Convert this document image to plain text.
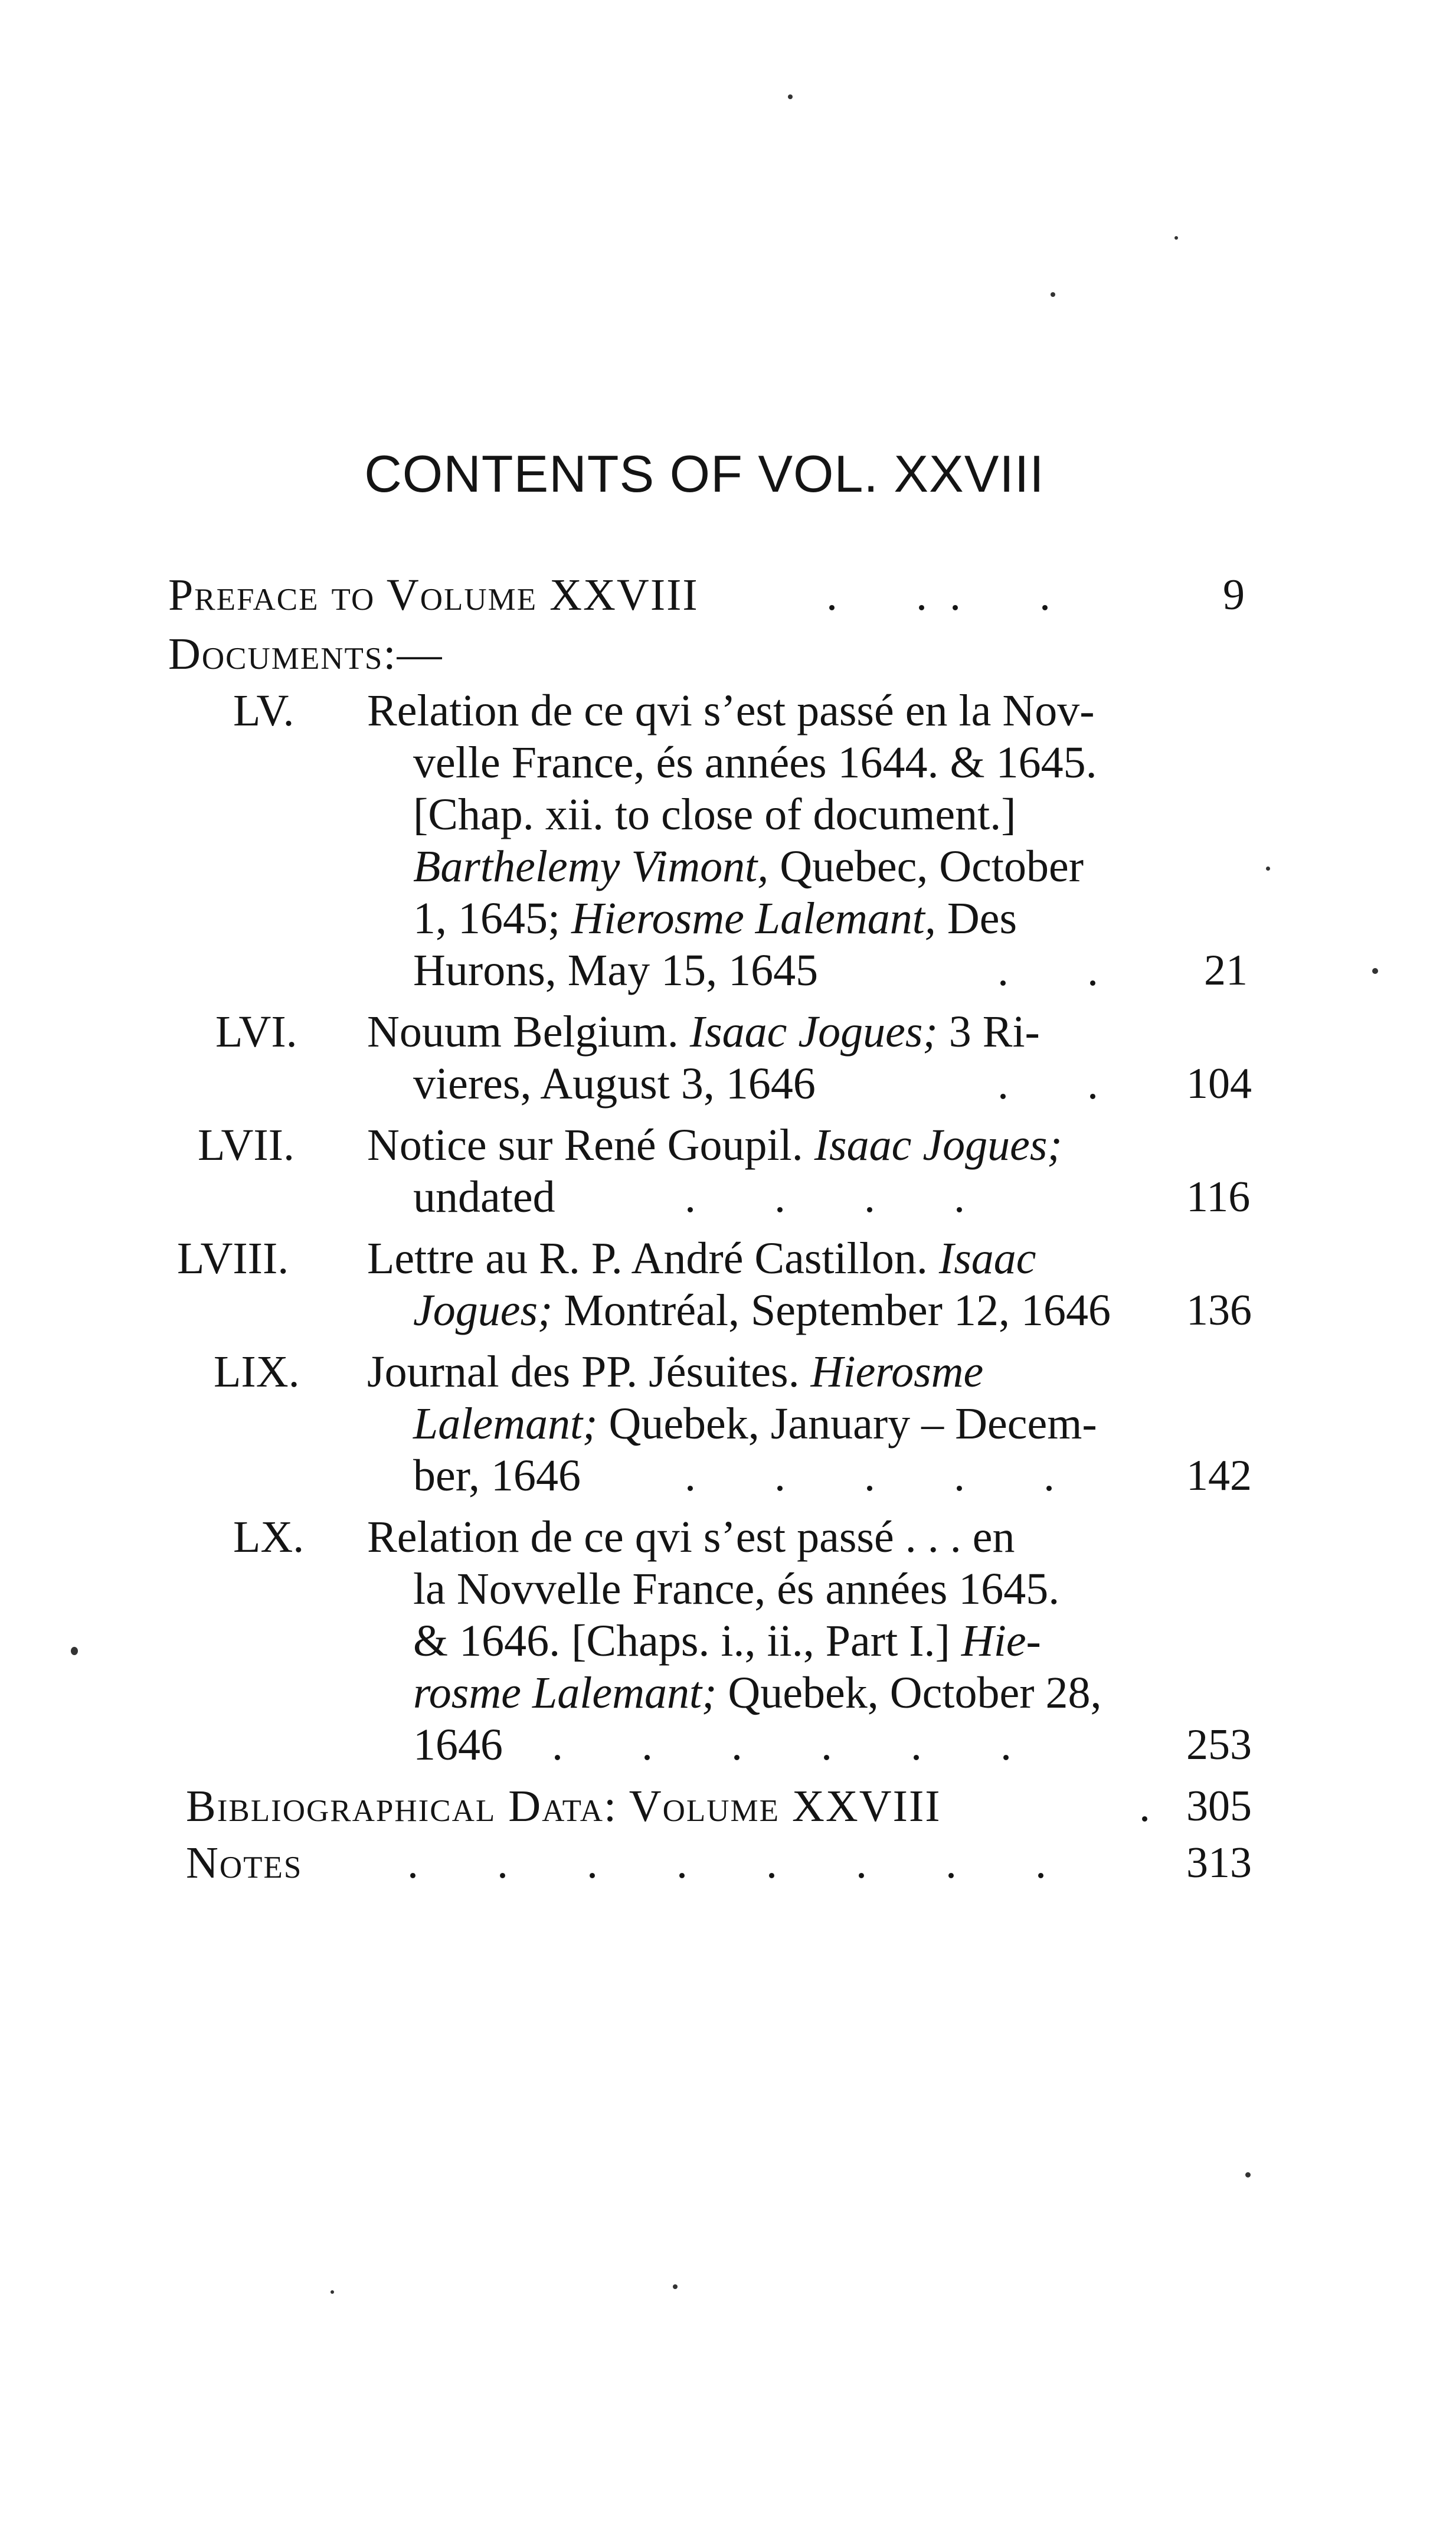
CONTENTS OF VOL. XXVIII
Preface to Volume XXVIII	.       .  .       .	9
Documents:—
LV. Relation de ce qvi s’est passé en la Nov-
velle France, és années 1644. & 1645.
[Chap. xii. to close of document.]
Barthelemy Vimont, Quebec, October
1, 1645; Hierosme Lalemant, Des
Hurons, May 15, 1645	.       . 21
LVI. Nouum Belgium. Isaac Jogues; 3 Ri-
vieres, August 3, 1646	.       . 104
LVII. Notice sur René Goupil. Isaac Jogues;
undated	.       .       .       .	116
LVIII. Lettre au R. P. André Castillon. Isaac
Jogues; Montréal, September 12, 1646 136
LIX. Journal des PP. Jésuites. Hierosme
Lalemant; Quebek, January – Decem-
ber, 1646 .       .       .       .       .	142
LX. Relation de ce qvi s’est passé . . . en
la Novvelle France, és années 1645.
& 1646. [Chaps. i., ii., Part I.] Hie-
rosme Lalemant; Quebek, October 28,
1646 .       .       .       .       .       .	253
Bibliographical Data: Volume XXVIII	. 305
Notes .       .       .       .       .       .       .       .	313
